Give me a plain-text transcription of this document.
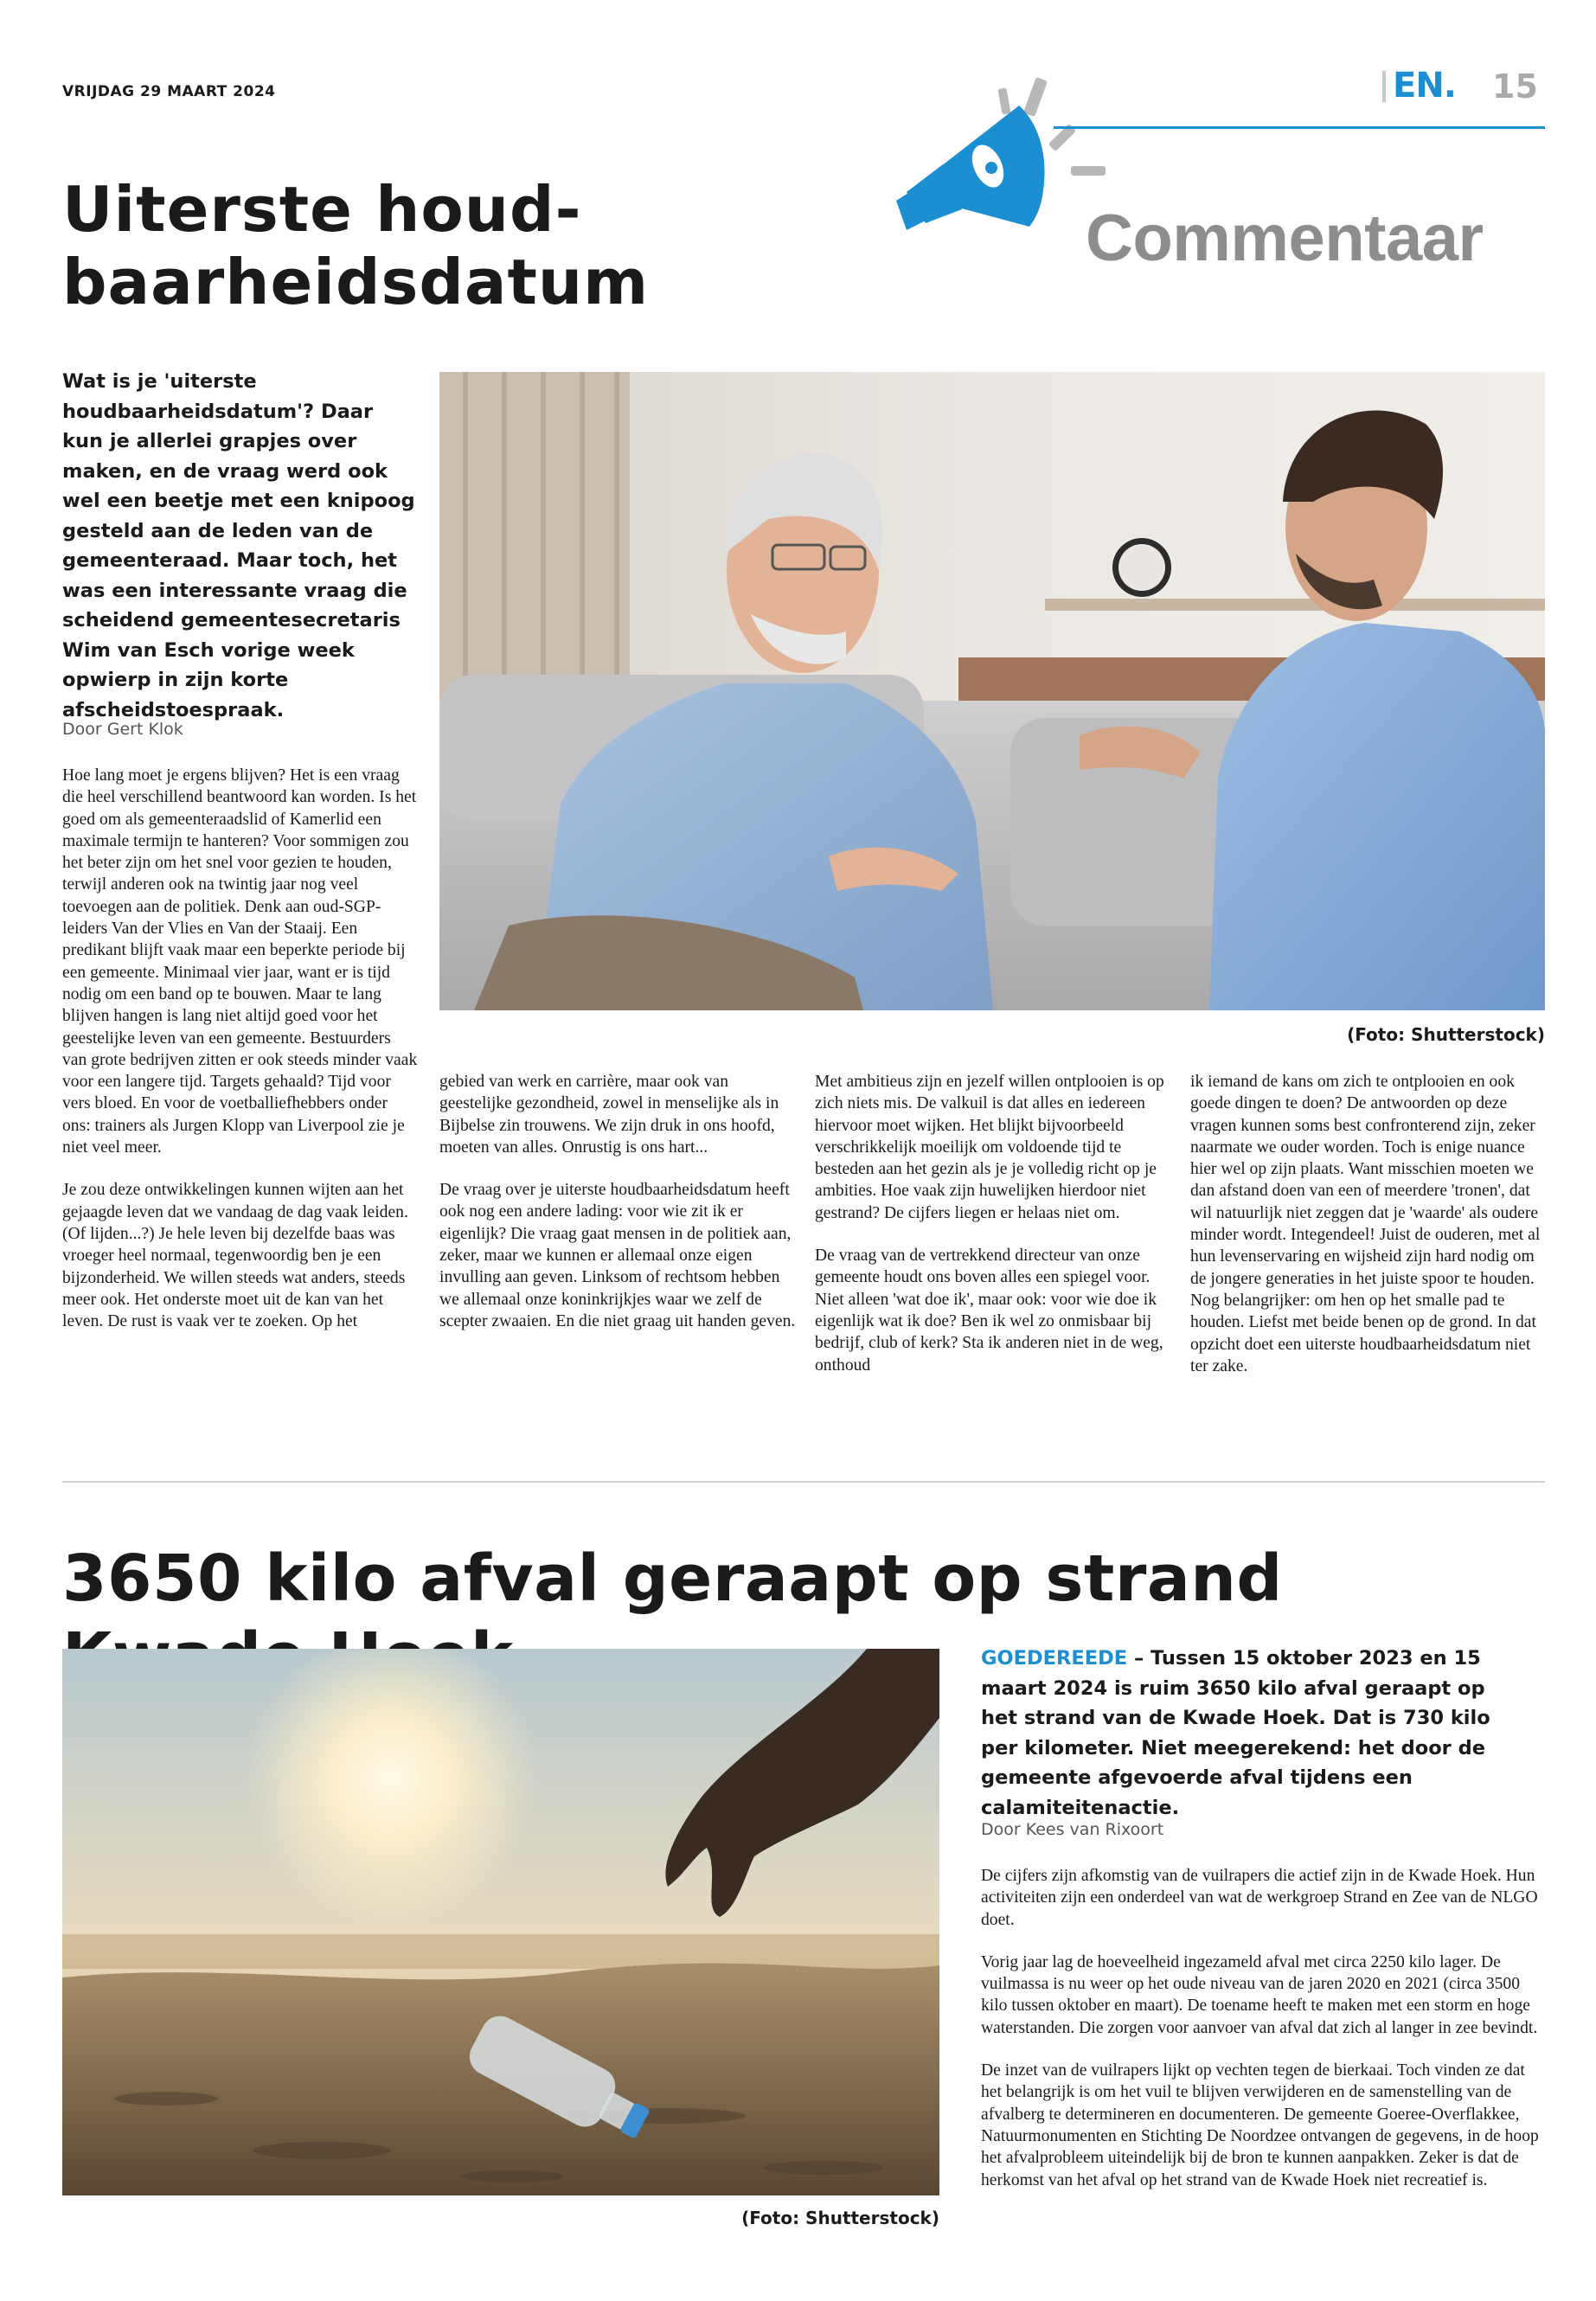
VRIJDAG 29 MAART 2024	EN. 15
Commentaar
Uiterste houd-
baarheidsdatum
Wat is je 'uiterste houdbaarheidsdatum'? Daar kun je allerlei grapjes over maken, en de vraag werd ook wel een beetje met een knipoog gesteld aan de leden van de gemeenteraad. Maar toch, het was een interessante vraag die scheidend gemeentesecretaris Wim van Esch vorige week opwierp in zijn korte afscheidstoespraak.
Door Gert Klok
(Foto: Shutterstock)

Hoe lang moet je ergens blijven? Het is een vraag die heel verschillend beantwoord kan worden. Is het goed om als gemeenteraadslid of Kamerlid een maximale termijn te hanteren? Voor sommigen zou het beter zijn om het snel voor gezien te houden, terwijl anderen ook na twintig jaar nog veel toevoegen aan de politiek. Denk aan oud-SGP-leiders Van der Vlies en Van der Staaij. Een predikant blijft vaak maar een beperkte periode bij een gemeente. Minimaal vier jaar, want er is tijd nodig om een band op te bouwen. Maar te lang blijven hangen is lang niet altijd goed voor het geestelijke leven van een gemeente. Bestuurders van grote bedrijven zitten er ook steeds minder vaak voor een langere tijd. Targets gehaald? Tijd voor vers bloed. En voor de voetballiefhebbers onder ons: trainers als Jurgen Klopp van Liverpool zie je niet veel meer.

Je zou deze ontwikkelingen kunnen wijten aan het gejaagde leven dat we vandaag de dag vaak leiden. (Of lijden...?) Je hele leven bij dezelfde baas was vroeger heel normaal, tegenwoordig ben je een bijzonderheid. We willen steeds wat anders, steeds meer ook. Het onderste moet uit de kan van het leven. De rust is vaak ver te zoeken. Op het

gebied van werk en carrière, maar ook van geestelijke gezondheid, zowel in menselijke als in Bijbelse zin trouwens. We zijn druk in ons hoofd, moeten van alles. Onrustig is ons hart...

De vraag over je uiterste houdbaarheidsdatum heeft ook nog een andere lading: voor wie zit ik er eigenlijk? Die vraag gaat mensen in de politiek aan, zeker, maar we kunnen er allemaal onze eigen invulling aan geven. Linksom of rechtsom hebben we allemaal onze koninkrijkjes waar we zelf de scepter zwaaien. En die niet graag uit handen geven.

Met ambitieus zijn en jezelf willen ontplooien is op zich niets mis. De valkuil is dat alles en iedereen hiervoor moet wijken. Het blijkt bijvoorbeeld verschrikkelijk moeilijk om voldoende tijd te besteden aan het gezin als je je volledig richt op je ambities. Hoe vaak zijn huwelijken hierdoor niet gestrand? De cijfers liegen er helaas niet om.

De vraag van de vertrekkend directeur van onze gemeente houdt ons boven alles een spiegel voor. Niet alleen 'wat doe ik', maar ook: voor wie doe ik eigenlijk wat ik doe? Ben ik wel zo onmisbaar bij bedrijf, club of kerk? Sta ik anderen niet in de weg, onthoud

ik iemand de kans om zich te ontplooien en ook goede dingen te doen? De antwoorden op deze vragen kunnen soms best confronterend zijn, zeker naarmate we ouder worden. Toch is enige nuance hier wel op zijn plaats. Want misschien moeten we dan afstand doen van een of meerdere 'tronen', dat wil natuurlijk niet zeggen dat je 'waarde' als oudere minder wordt. Integendeel! Juist de ouderen, met al hun levenservaring en wijsheid zijn hard nodig om de jongere generaties in het juiste spoor te houden. Nog belangrijker: om hen op het smalle pad te houden. Liefst met beide benen op de grond. In dat opzicht doet een uiterste houdbaarheidsdatum niet ter zake.

3650 kilo afval geraapt op strand
(Foto: Shutterstock)
GOEDEREEDE – Tussen 15 oktober 2023 en 15 maart 2024 is ruim 3650 kilo afval geraapt op het strand van de Kwade Hoek. Dat is 730 kilo per kilometer. Niet meegerekend: het door de gemeente afgevoerde afval tijdens een calamiteitenactie.
Door Kees van Rixoort

De cijfers zijn afkomstig van de vuilrapers die actief zijn in de Kwade Hoek. Hun activiteiten zijn een onderdeel van wat de werkgroep Strand en Zee van de NLGO doet.

Vorig jaar lag de hoeveelheid ingezameld afval met circa 2250 kilo lager. De vuilmassa is nu weer op het oude niveau van de jaren 2020 en 2021 (circa 3500 kilo tussen oktober en maart). De toename heeft te maken met een storm en hoge waterstanden. Die zorgen voor aanvoer van afval dat zich al langer in zee bevindt.

De inzet van de vuilrapers lijkt op vechten tegen de bierkaai. Toch vinden ze dat het belangrijk is om het vuil te blijven verwijderen en de samenstelling van de afvalberg te determineren en documenteren. De gemeente Goeree-Overflakkee, Natuurmonumenten en Stichting De Noordzee ontvangen de gegevens, in de hoop het afvalprobleem uiteindelijk bij de bron te kunnen aanpakken. Zeker is dat de herkomst van het afval op het strand van de Kwade Hoek niet recreatief is.
